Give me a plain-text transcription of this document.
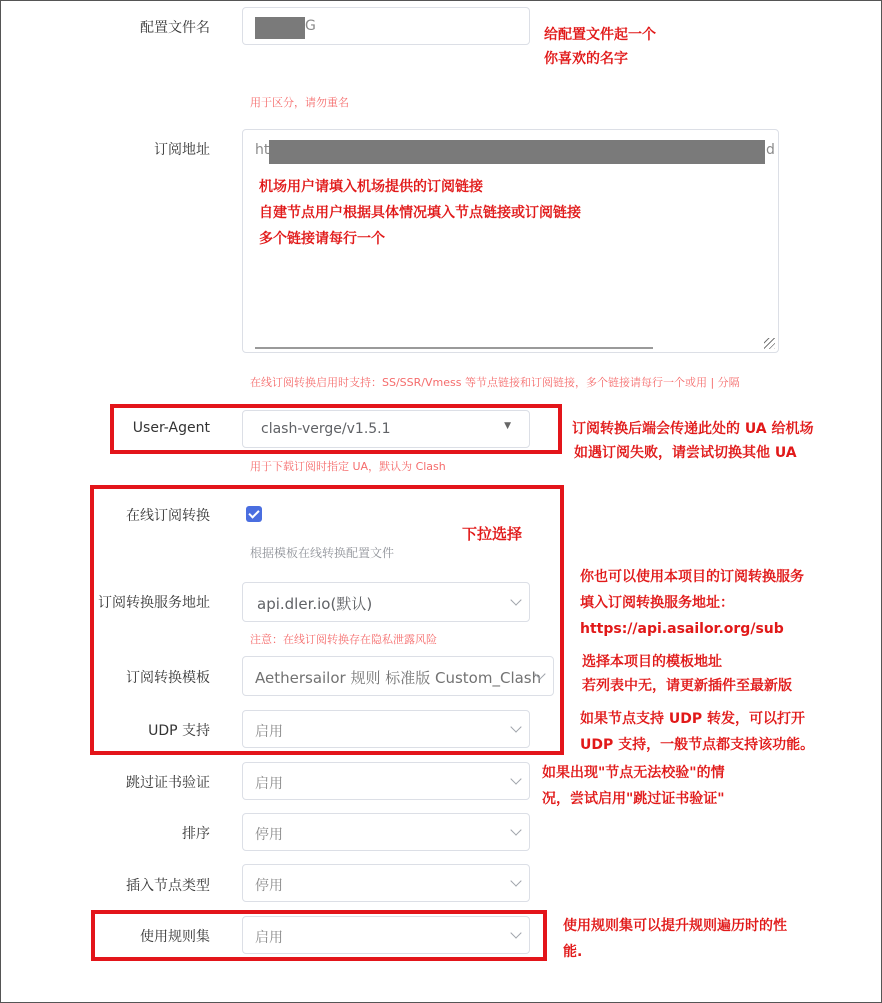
配置文件名	G
给配置文件起一个
你喜欢的名字
用于区分，请勿重名
订阅地址	ht	d
机场用户请填入机场提供的订阅链接
自建节点用户根据具体情况填入节点链接或订阅链接
多个链接请每行一个
在线订阅转换启用时支持：SS/SSR/Vmess 等节点链接和订阅链接，多个链接请每行一个或用 | 分隔
User-Agent	clash-verge/v1.5.1	▼	订阅转换后端会传递此处的 UA 给机场
如遇订阅失败，请尝试切换其他 UA
用于下载订阅时指定 UA，默认为 Clash
在线订阅转换
下拉选择
根据模板在线转换配置文件
订阅转换服务地址	api.dler.io(默认)
注意：在线订阅转换存在隐私泄露风险
订阅转换模板	Aethersailor 规则 标准版 Custom_Clash
UDP 支持	启用
你也可以使用本项目的订阅转换服务
填入订阅转换服务地址：
https://api.asailor.org/sub
选择本项目的模板地址
若列表中无，请更新插件至最新版
如果节点支持 UDP 转发，可以打开
UDP 支持，一般节点都支持该功能。
跳过证书验证	启用
如果出现"节点无法校验"的情
况，尝试启用"跳过证书验证"
排序	停用
插入节点类型	停用
使用规则集	启用
使用规则集可以提升规则遍历时的性
能.
